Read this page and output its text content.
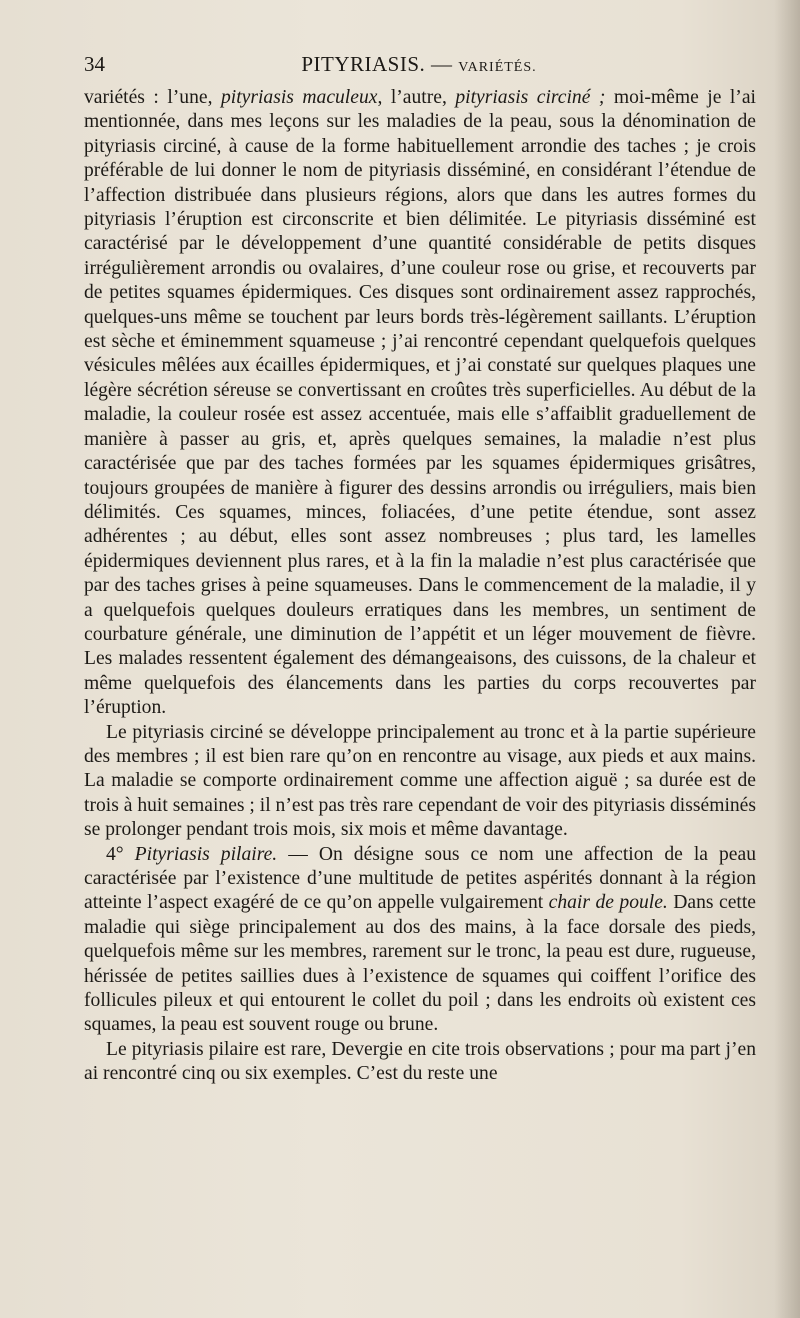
34	PITYRIASIS. — VARIÉTÉS.

variétés : l’une, pityriasis maculeux, l’autre, pityriasis circiné ; moi-même je l’ai mentionnée, dans mes leçons sur les maladies de la peau, sous la dénomination de pityriasis circiné, à cause de la forme habituellement arrondie des taches ; je crois préférable de lui donner le nom de pityriasis disséminé, en considérant l’étendue de l’affection distribuée dans plusieurs régions, alors que dans les autres formes du pityriasis l’éruption est circonscrite et bien délimitée. Le pityriasis disséminé est caractérisé par le développement d’une quantité considérable de petits disques irrégulièrement arrondis ou ovalaires, d’une couleur rose ou grise, et recouverts par de petites squames épidermiques. Ces disques sont ordinairement assez rapprochés, quelques-uns même se touchent par leurs bords très-légèrement saillants. L’éruption est sèche et éminemment squameuse ; j’ai rencontré cependant quelquefois quelques vésicules mêlées aux écailles épidermiques, et j’ai constaté sur quelques plaques une légère sécrétion séreuse se convertissant en croûtes très superficielles. Au début de la maladie, la couleur rosée est assez accentuée, mais elle s’affaiblit graduellement de manière à passer au gris, et, après quelques semaines, la maladie n’est plus caractérisée que par des taches formées par les squames épidermiques grisâtres, toujours groupées de manière à figurer des dessins arrondis ou irréguliers, mais bien délimités. Ces squames, minces, foliacées, d’une petite étendue, sont assez adhérentes ; au début, elles sont assez nombreuses ; plus tard, les lamelles épidermiques deviennent plus rares, et à la fin la maladie n’est plus caractérisée que par des taches grises à peine squameuses. Dans le commencement de la maladie, il y a quelquefois quelques douleurs erratiques dans les membres, un sentiment de courbature générale, une diminution de l’appétit et un léger mouvement de fièvre. Les malades ressentent également des démangeaisons, des cuissons, de la chaleur et même quelquefois des élancements dans les parties du corps recouvertes par l’éruption.

Le pityriasis circiné se développe principalement au tronc et à la partie supérieure des membres ; il est bien rare qu’on en rencontre au visage, aux pieds et aux mains. La maladie se comporte ordinairement comme une affection aiguë ; sa durée est de trois à huit semaines ; il n’est pas très rare cependant de voir des pityriasis disséminés se prolonger pendant trois mois, six mois et même davantage.

4° Pityriasis pilaire. — On désigne sous ce nom une affection de la peau caractérisée par l’existence d’une multitude de petites aspérités donnant à la région atteinte l’aspect exagéré de ce qu’on appelle vulgairement chair de poule. Dans cette maladie qui siège principalement au dos des mains, à la face dorsale des pieds, quelquefois même sur les membres, rarement sur le tronc, la peau est dure, rugueuse, hérissée de petites saillies dues à l’existence de squames qui coiffent l’orifice des follicules pileux et qui entourent le collet du poil ; dans les endroits où existent ces squames, la peau est souvent rouge ou brune.

Le pityriasis pilaire est rare, Devergie en cite trois observations ; pour ma part j’en ai rencontré cinq ou six exemples. C’est du reste une
